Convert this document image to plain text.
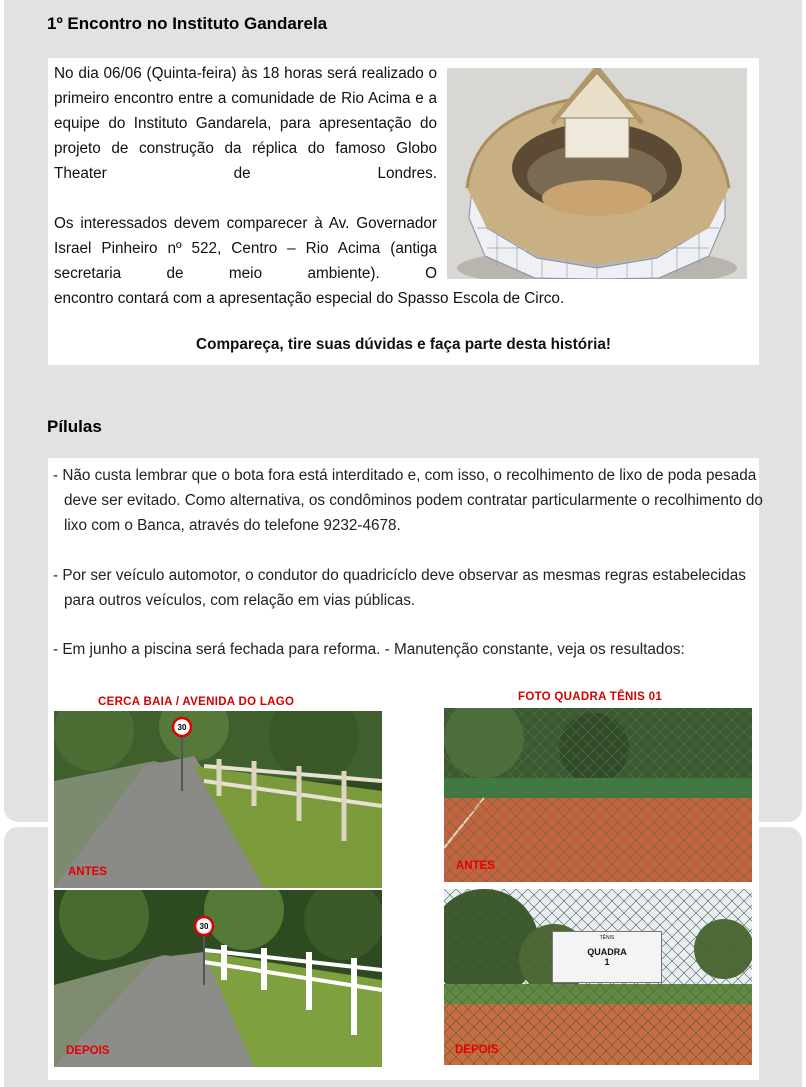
1º Encontro no Instituto Gandarela

No dia 06/06 (Quinta-feira) às 18 horas será realizado o primeiro encontro entre a comunidade de Rio Acima e a equipe do Instituto Gandarela, para apresentação do projeto de construção da réplica do famoso Globo Theater de Londres.

Os interessados devem comparecer à Av. Governador Israel Pinheiro nº 522, Centro – Rio Acima (antiga secretaria de meio ambiente). O

encontro contará com a apresentação especial do Spasso Escola de Circo.

Compareça, tire suas dúvidas e faça parte desta história!

Pílulas

- Não custa lembrar que o bota fora está interditado e, com isso, o recolhimento de lixo de poda pesada deve ser evitado. Como alternativa, os condôminos podem contratar particularmente o recolhimento do lixo com o Banca, através do telefone 9232-4678.

- Por ser veículo automotor, o condutor do quadricíclo deve observar as mesmas regras estabelecidas para outros veículos, com relação em vias públicas.

- Em junho a piscina será fechada para reforma. - Manutenção constante, veja os resultados:

CERCA BAIA / AVENIDA DO LAGO
30
ANTES
30
DEPOIS
FOTO QUADRA TÊNIS 01
ANTES
TÊNIS
QUADRA
1
DEPOIS
